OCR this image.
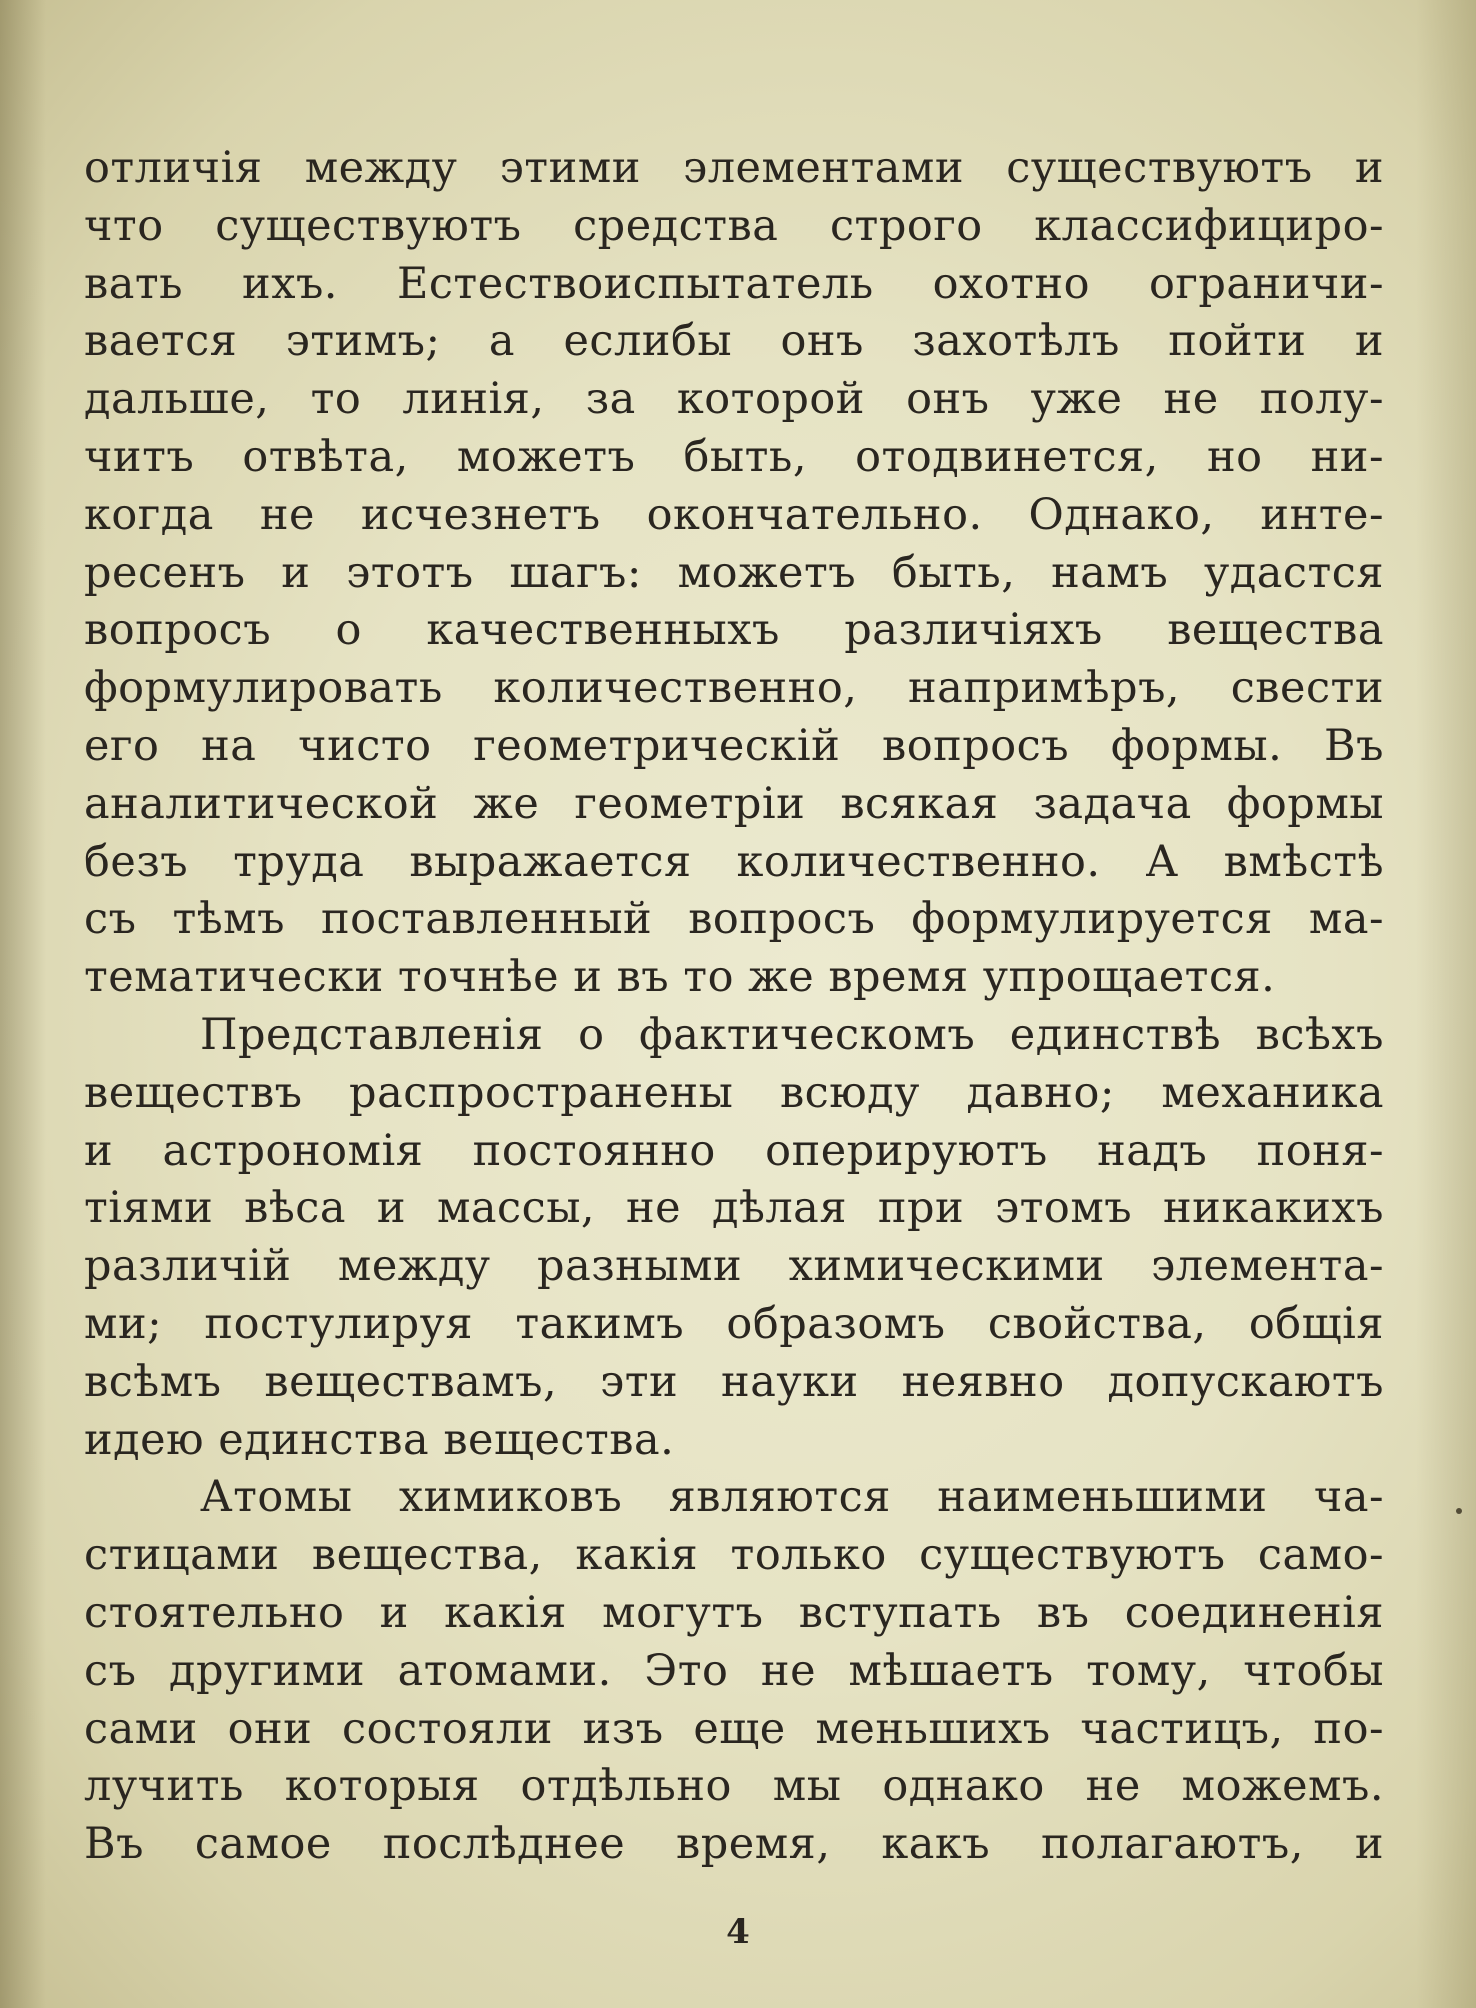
отличія между этими элементами существуютъ и
что существуютъ средства строго классифициро-
вать ихъ. Естествоиспытатель охотно ограничи-
вается этимъ; а еслибы онъ захотѣлъ пойти и
дальше, то линія, за которой онъ уже не полу-
читъ отвѣта, можетъ быть, отодвинется, но ни-
когда не исчезнетъ окончательно. Однако, инте-
ресенъ и этотъ шагъ: можетъ быть, намъ удастся
вопросъ о качественныхъ различіяхъ вещества
формулировать количественно, напримѣръ, свести
его на чисто геометрическій вопросъ формы. Въ
аналитической же геометріи всякая задача формы
безъ труда выражается количественно. А вмѣстѣ
съ тѣмъ поставленный вопросъ формулируется ма-
тематически точнѣе и въ то же время упрощается.
Представленія о фактическомъ единствѣ всѣхъ
веществъ распространены всюду давно; механика
и астрономія постоянно оперируютъ надъ поня-
тіями вѣса и массы, не дѣлая при этомъ никакихъ
различій между разными химическими элемента-
ми; постулируя такимъ образомъ свойства, общія
всѣмъ веществамъ, эти науки неявно допускаютъ
идею единства вещества.
Атомы химиковъ являются наименьшими ча-
стицами вещества, какія только существуютъ само-
стоятельно и какія могутъ вступать въ соединенія
съ другими атомами. Это не мѣшаетъ тому, чтобы
сами они состояли изъ еще меньшихъ частицъ, по-
лучить которыя отдѣльно мы однако не можемъ.
Въ самое послѣднее время, какъ полагаютъ, и
4
